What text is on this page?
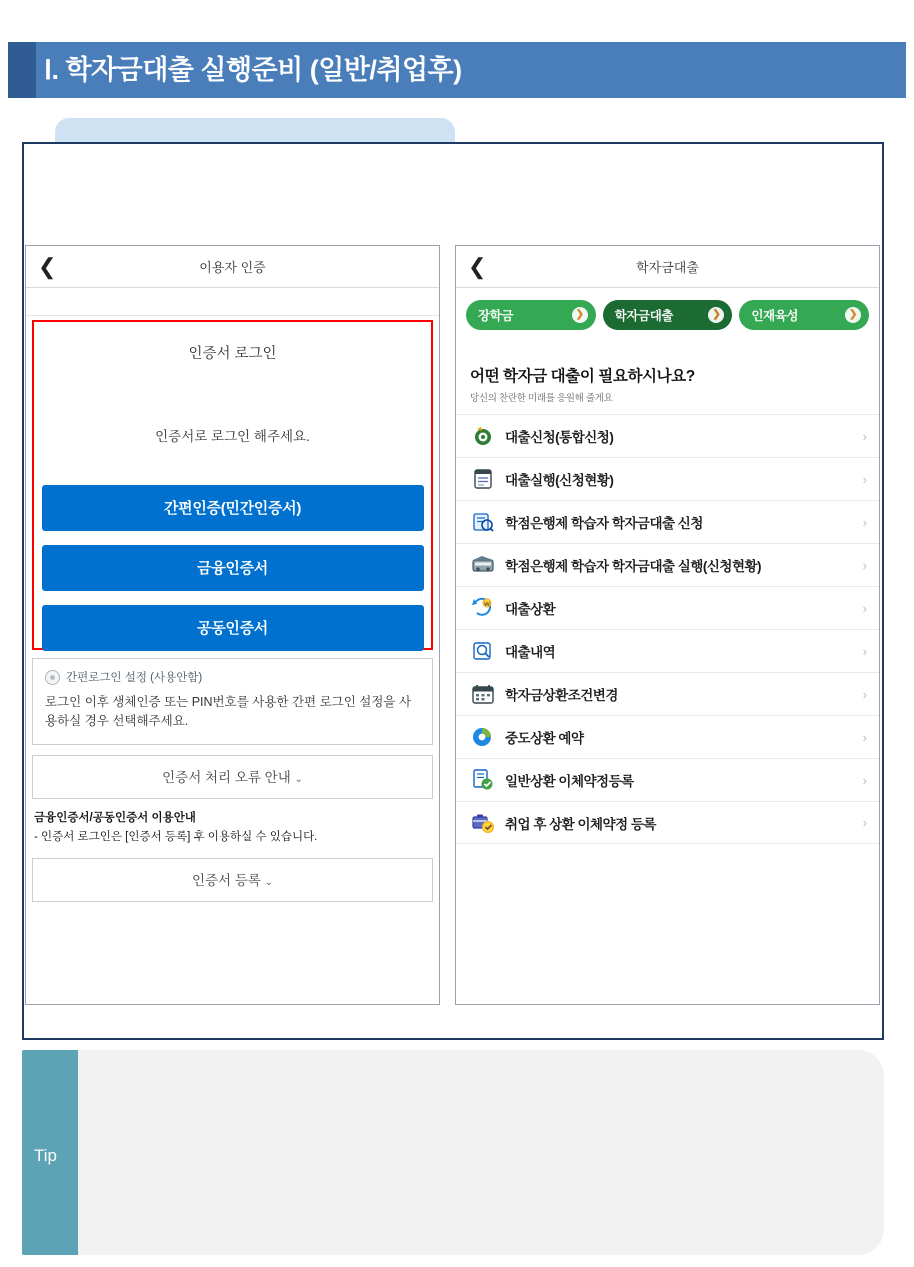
Ⅰ. 학자금대출 실행준비 (일반/취업후)
❮	이용자 인증
인증서 로그인
인증서로 로그인 해주세요.
간편인증(민간인증서)
금융인증서
공동인증서
간편로그인 설정 (사용안함)
로그인 이후 생체인증 또는 PIN번호를 사용한 간편 로그인 설정을 사용하실 경우 선택해주세요.
인증서 처리 오류 안내 ⌄
금융인증서/공동인증서 이용안내
- 인증서 로그인은 [인증서 등록] 후 이용하실 수 있습니다.
인증서 등록 ⌄
❮	학자금대출
장학금	❯	학자금대출	❯	인재육성	❯
어떤 학자금 대출이 필요하시나요?
당신의 찬란한 미래를 응원해 줄게요
대출신청(통합신청)	›
대출실행(신청현황)	›
학점은행제 학습자 학자금대출 신청	›
학점은행제 학습자 학자금대출 실행(신청현황)	›
₩ 대출상환	›
대출내역	›
학자금상환조건변경	›
중도상환 예약	›
일반상환 이체약정등록	›
취업 후 상환 이체약정 등록	›
Tip
